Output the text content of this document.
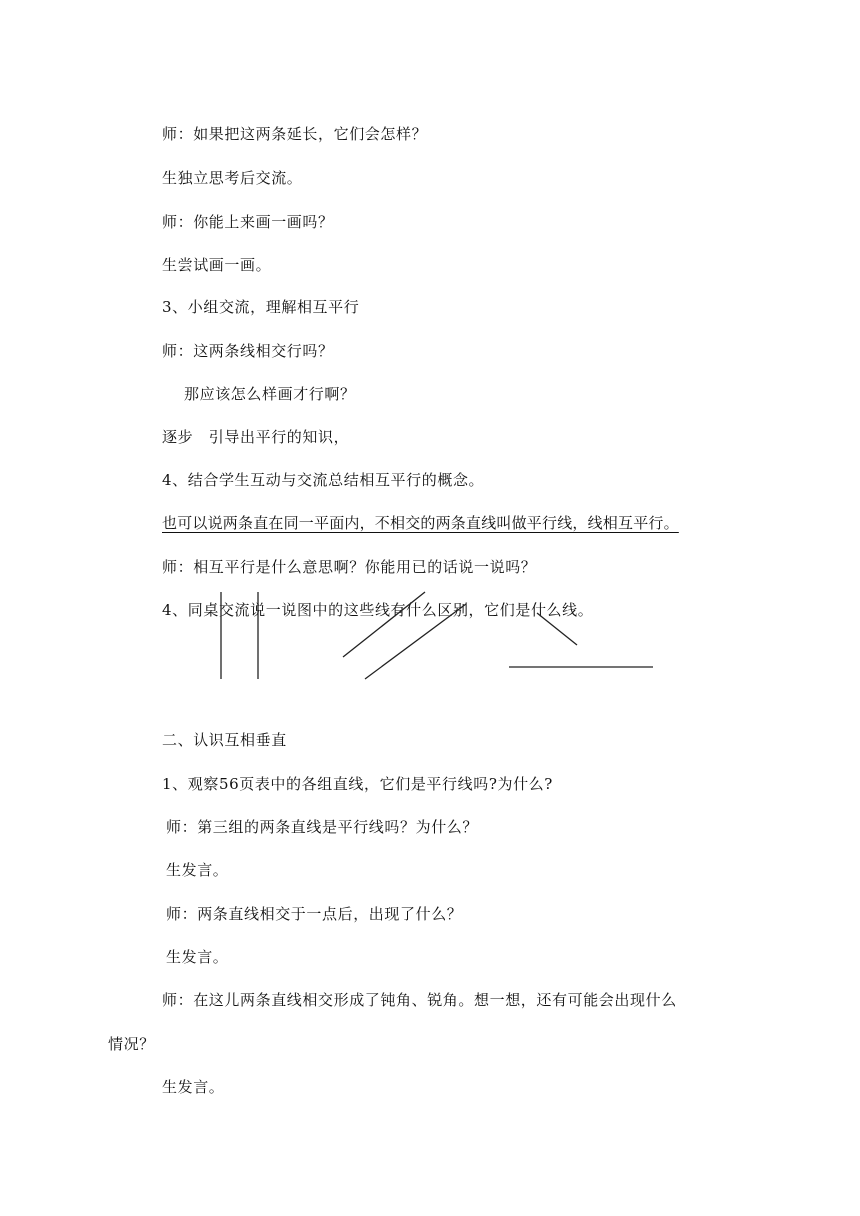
师：如果把这两条延长，它们会怎样？
生独立思考后交流。
师：你能上来画一画吗？
生尝试画一画。
3、小组交流，理解相互平行
师：这两条线相交行吗？
那应该怎么样画才行啊？
逐步　引导出平行的知识，
4、结合学生互动与交流总结相互平行的概念。
也可以说两条直在同一平面内，不相交的两条直线叫做平行线，线相互平行。
师：相互平行是什么意思啊？你能用已的话说一说吗？
4、同桌交流说一说图中的这些线有什么区别，它们是什么线。
二、认识互相垂直
1、观察56页表中的各组直线，它们是平行线吗?为什么?
师：第三组的两条直线是平行线吗？为什么？
生发言。
师：两条直线相交于一点后，出现了什么？
生发言。
师：在这儿两条直线相交形成了钝角、锐角。想一想，还有可能会出现什么
情况？
生发言。
